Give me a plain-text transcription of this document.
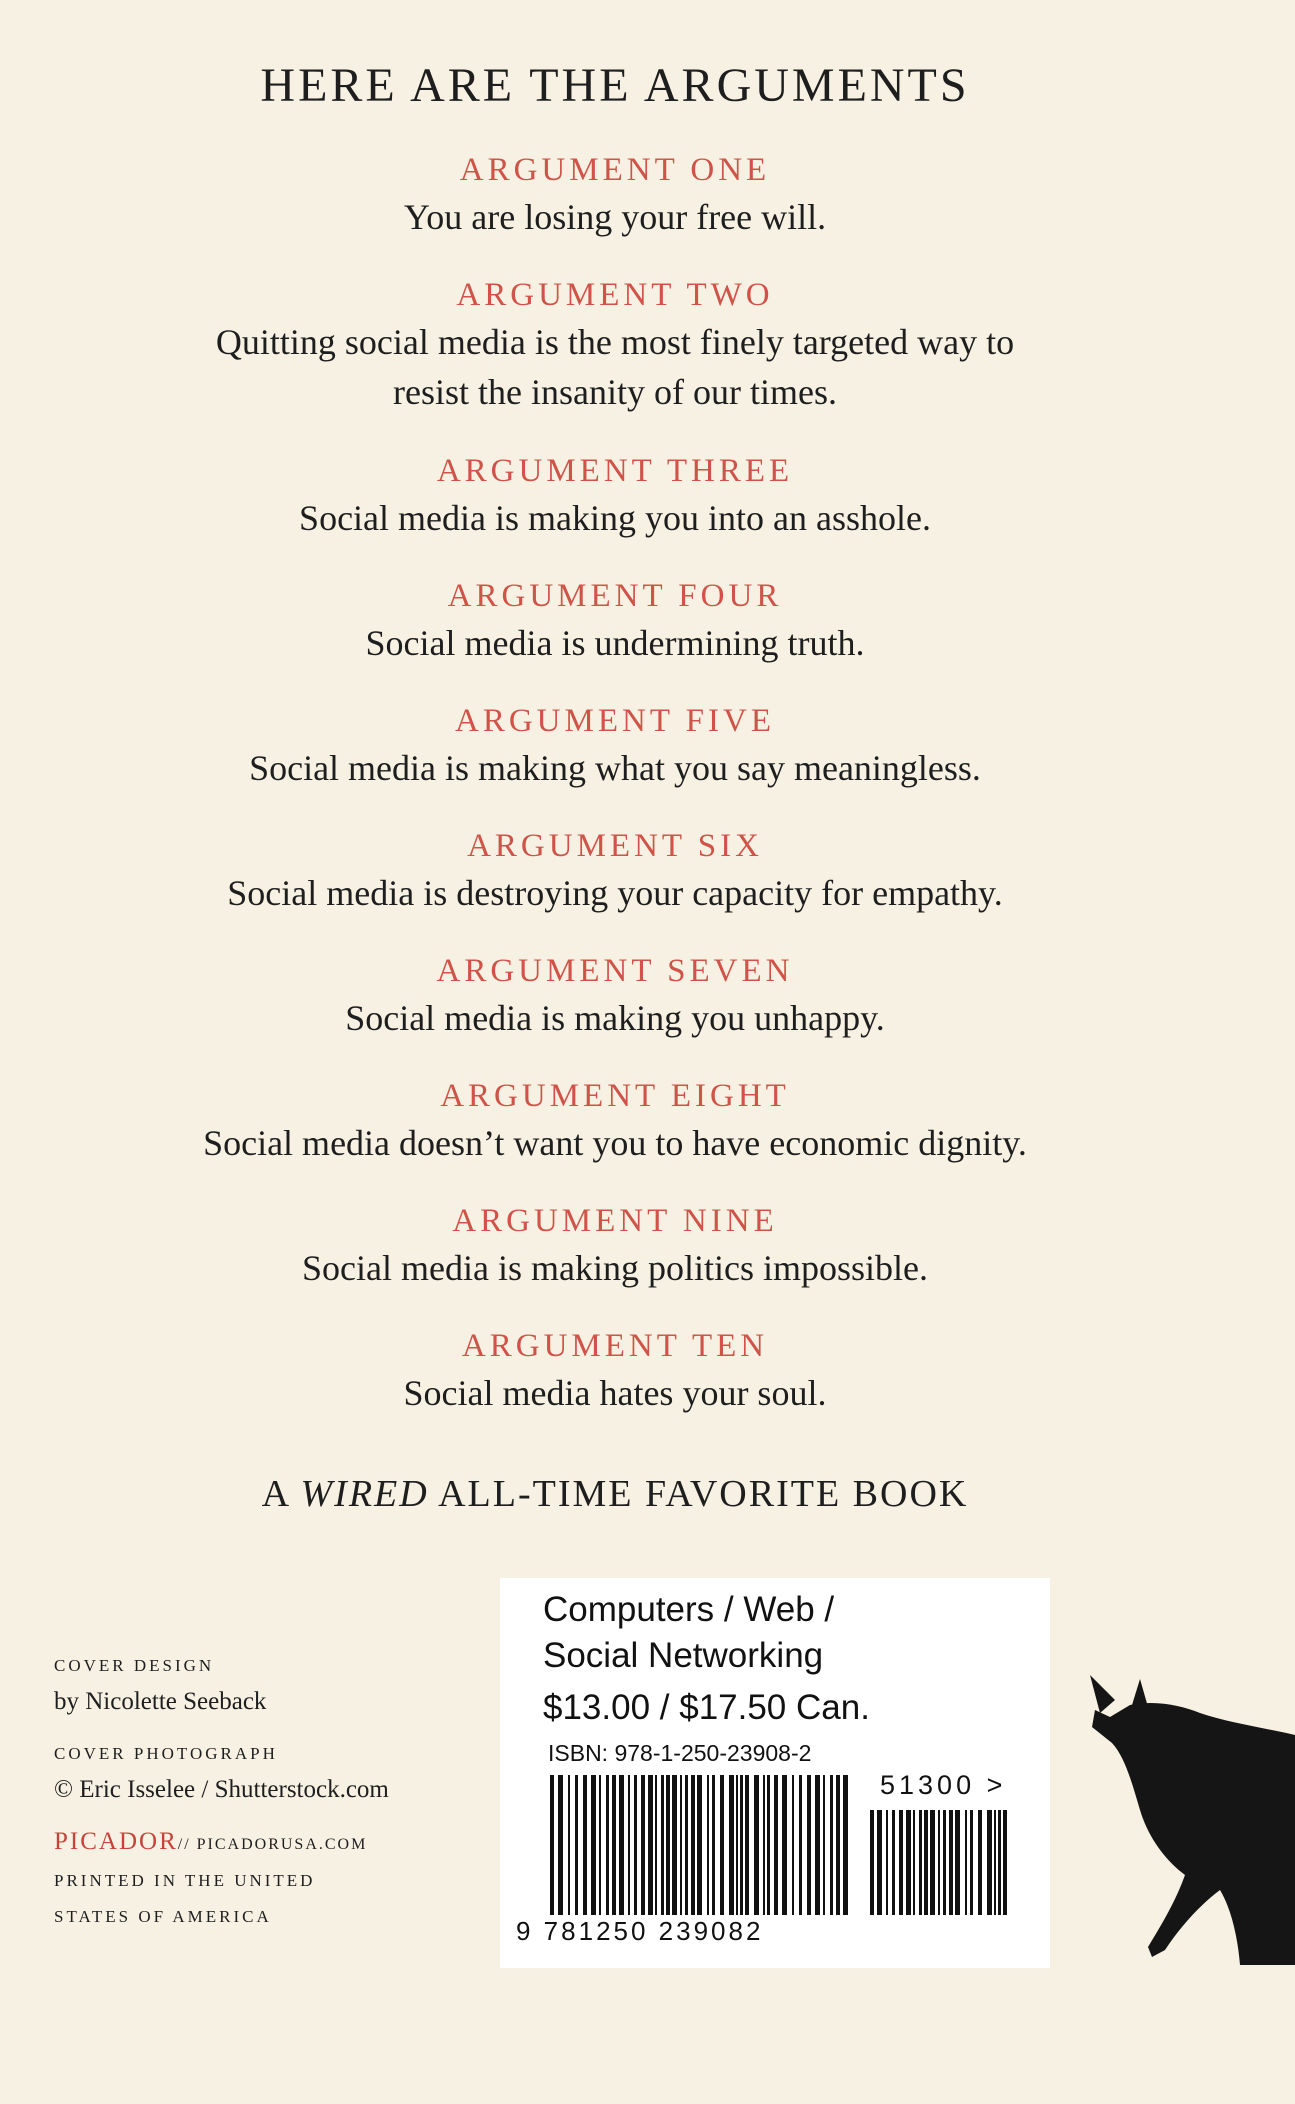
HERE ARE THE ARGUMENTS
ARGUMENT ONE
You are losing your free will.
ARGUMENT TWO
Quitting social media is the most finely targeted way to
resist the insanity of our times.
ARGUMENT THREE
Social media is making you into an asshole.
ARGUMENT FOUR
Social media is undermining truth.
ARGUMENT FIVE
Social media is making what you say meaningless.
ARGUMENT SIX
Social media is destroying your capacity for empathy.
ARGUMENT SEVEN
Social media is making you unhappy.
ARGUMENT EIGHT
Social media doesn’t want you to have economic dignity.
ARGUMENT NINE
Social media is making politics impossible.
ARGUMENT TEN
Social media hates your soul.
A WIRED ALL-TIME FAVORITE BOOK
COVER DESIGN
by Nicolette Seeback
COVER PHOTOGRAPH
© Eric Isselee / Shutterstock.com
PICADOR// PICADORUSA.COM
PRINTED IN THE UNITED
STATES OF AMERICA
Computers / Web /
Social Networking
$13.00 / $17.50 Can.
ISBN: 978-1-250-23908-2
51300 >
9 781250 239082
